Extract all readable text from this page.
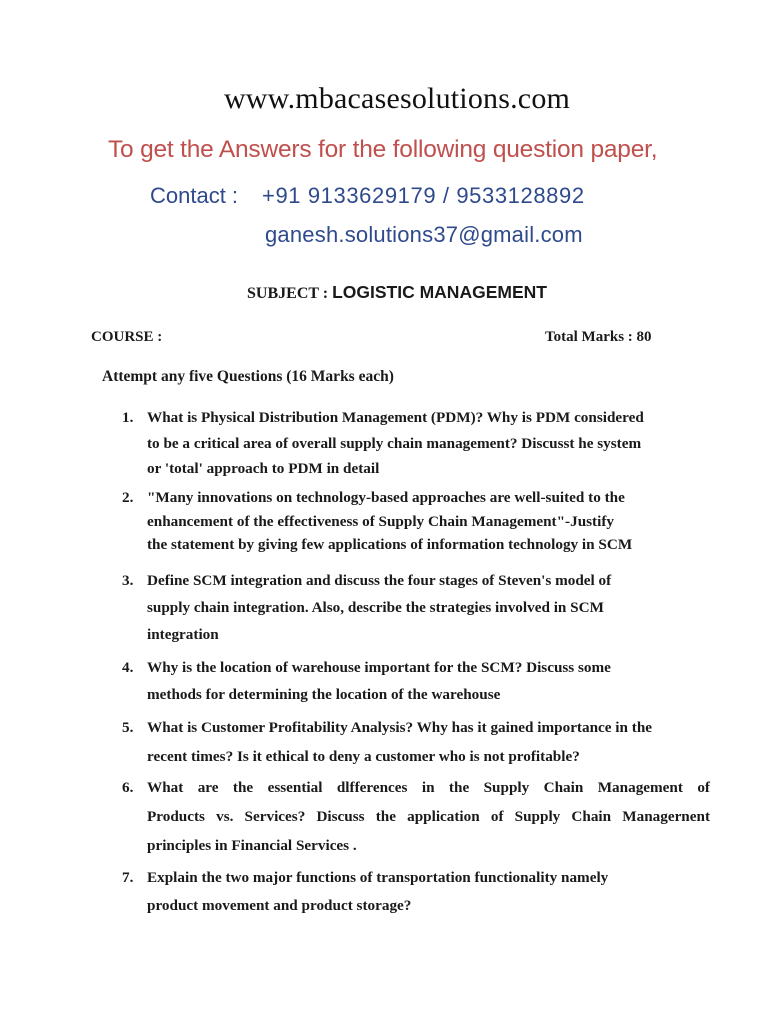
www.mbacasesolutions.com
To get the Answers for the following question paper,
Contact : +91 9133629179 / 9533128892
ganesh.solutions37@gmail.com
SUBJECT : LOGISTIC MANAGEMENT
COURSE :	Total Marks : 80
Attempt any five Questions (16 Marks each)
1. What is Physical Distribution Management (PDM)? Why is PDM considered
to be a critical area of overall supply chain management? Discusst he system
or 'total' approach to PDM in detail
2. "Many innovations on technology-based approaches are well-suited to the
enhancement of the effectiveness of Supply Chain Management"-Justify
the statement by giving few applications of information technology in SCM
3. Define SCM integration and discuss the four stages of Steven's model of
supply chain integration. Also, describe the strategies involved in SCM
integration
4. Why is the location of warehouse important for the SCM? Discuss some
methods for determining the location of the warehouse
5. What is Customer Profitability Analysis? Why has it gained importance in the
recent times? Is it ethical to deny a customer who is not profitable?
6. What are the essential dlfferences in the Supply Chain Management of
Products vs. Services? Discuss the application of Supply Chain Managernent
principles in Financial Services .
7. Explain the two major functions of transportation functionality namely
product movement and product storage?
